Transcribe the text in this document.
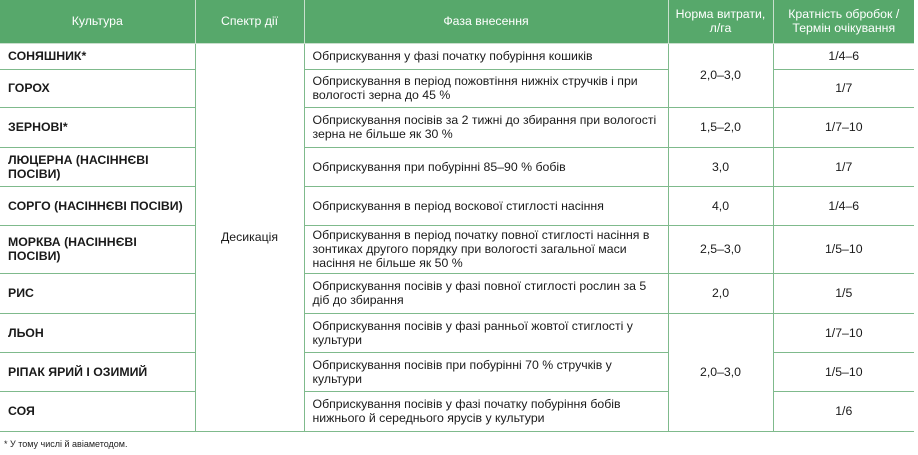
Культура	Спектр дії	Фаза внесення	Норма витрати, л/га	Кратність обробок / Термін очікування
СОНЯШНИК*	Десикація	Обприскування у фазі початку побуріння кошиків	2,0–3,0	1/4–6
ГОРОХ		Обприскування в період пожовтіння нижніх стручків і при вологості зерна до 45 %		1/7
ЗЕРНОВІ*		Обприскування посівів за 2 тижні до збирання при вологості зерна не більше як 30 %	1,5–2,0	1/7–10
ЛЮЦЕРНА (НАСІННЄВІ ПОСІВИ)		Обприскування при побурінні 85–90 % бобів	3,0	1/7
СОРГО (НАСІННЄВІ ПОСІВИ)		Обприскування в період воскової стиглості насіння	4,0	1/4–6
МОРКВА (НАСІННЄВІ ПОСІВИ)		Обприскування в період початку повної стиглості насіння в зонтиках другого порядку при вологості загальної маси насіння не більше як 50 %	2,5–3,0	1/5–10
РИС		Обприскування посівів у фазі повної стиглості рослин за 5 діб до збирання	2,0	1/5
ЛЬОН		Обприскування посівів у фазі ранньої жовтої стиглості у культури	2,0–3,0	1/7–10
РІПАК ЯРИЙ І ОЗИМИЙ		Обприскування посівів при побурінні 70 % стручків у культури		1/5–10
СОЯ		Обприскування посівів у фазі початку побуріння бобів нижнього й середнього ярусів у культури		1/6
* У тому числі й авіаметодом.
